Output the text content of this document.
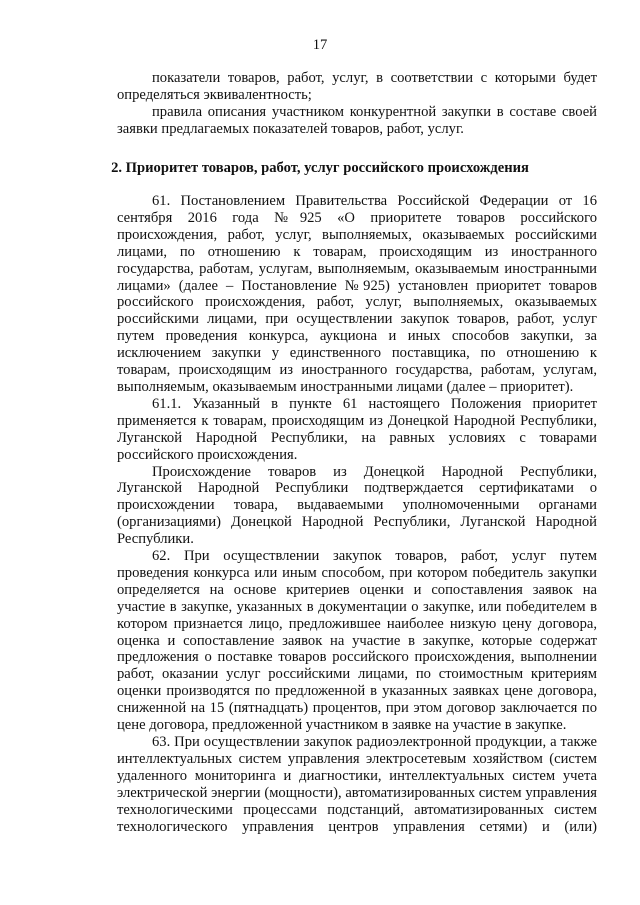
17

показатели товаров, работ, услуг, в соответствии с которыми будет определяться эквивалентность;

правила описания участником конкурентной закупки в составе своей заявки предлагаемых показателей товаров, работ, услуг.

2. Приоритет товаров, работ, услуг российского происхождения

61. Постановлением Правительства Российской Федерации от 16 сентября 2016 года №925 «О приоритете товаров российского происхождения, работ, услуг, выполняемых, оказываемых российскими лицами, по отношению к товарам, происходящим из иностранного государства, работам, услугам, выполняемым, оказываемым иностранными лицами» (далее – Постановление №925) установлен приоритет товаров российского происхождения, работ, услуг, выполняемых, оказываемых российскими лицами, при осуществлении закупок товаров, работ, услуг путем проведения конкурса, аукциона и иных способов закупки, за исключением закупки у единственного поставщика, по отношению к товарам, происходящим из иностранного государства, работам, услугам, выполняемым, оказываемым иностранными лицами (далее – приоритет).

61.1. Указанный в пункте 61 настоящего Положения приоритет применяется к товарам, происходящим из Донецкой Народной Республики, Луганской Народной Республики, на равных условиях с товарами российского происхождения.

Происхождение товаров из Донецкой Народной Республики, Луганской Народной Республики подтверждается сертификатами о происхождении товара, выдаваемыми уполномоченными органами (организациями) Донецкой Народной Республики, Луганской Народной Республики.

62. При осуществлении закупок товаров, работ, услуг путем проведения конкурса или иным способом, при котором победитель закупки определяется на основе критериев оценки и сопоставления заявок на участие в закупке, указанных в документации о закупке, или победителем в котором признается лицо, предложившее наиболее низкую цену договора, оценка и сопоставление заявок на участие в закупке, которые содержат предложения о поставке товаров российского происхождения, выполнении работ, оказании услуг российскими лицами, по стоимостным критериям оценки производятся по предложенной в указанных заявках цене договора, сниженной на 15 (пятнадцать) процентов, при этом договор заключается по цене договора, предложенной участником в заявке на участие в закупке.

63. При осуществлении закупок радиоэлектронной продукции, а также интеллектуальных систем управления электросетевым хозяйством (систем удаленного мониторинга и диагностики, интеллектуальных систем учета электрической энергии (мощности), автоматизированных систем управления технологическими процессами подстанций, автоматизированных систем технологического управления центров управления сетями) и (или)
